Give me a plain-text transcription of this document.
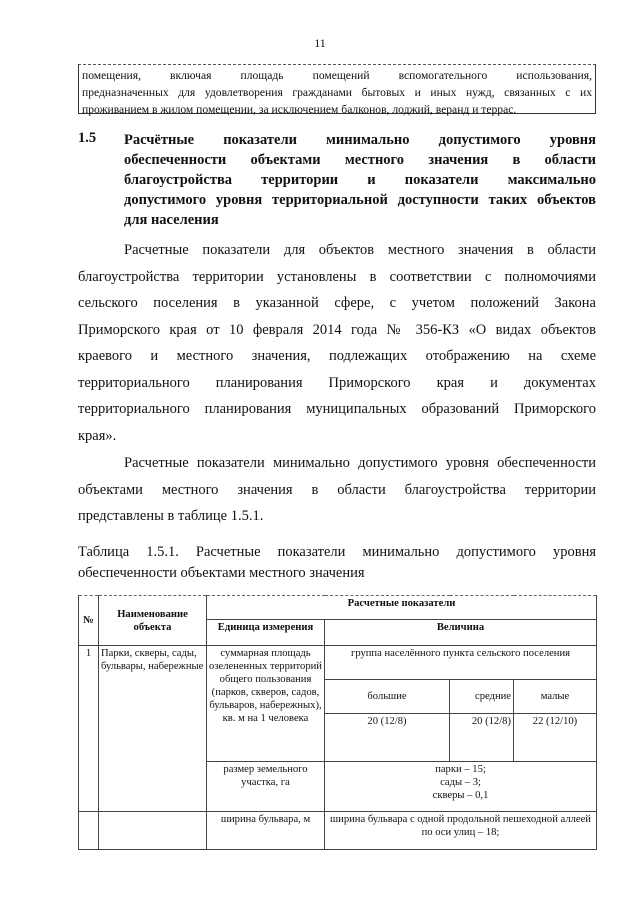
11
помещения, включая площадь помещений вспомогательного использования,
предназначенных для удовлетворения гражданами бытовых и иных нужд, связанных с их
проживанием в жилом помещении, за исключением балконов, лоджий, веранд и террас.
1.5 Расчётные показатели минимально допустимого уровня
обеспеченности объектами местного значения в области
благоустройства территории и показатели максимально
допустимого уровня территориальной доступности таких объектов
для населения
Расчетные показатели для объектов местного значения в области
благоустройства территории установлены в соответствии с полномочиями
сельского поселения в указанной сфере, с учетом положений Закона
Приморского края от 10 февраля 2014 года № 356-КЗ «О видах объектов
краевого и местного значения, подлежащих отображению на схеме
территориального планирования Приморского края и документах
территориального планирования муниципальных образований Приморского
края».
Расчетные показатели минимально допустимого уровня обеспеченности
объектами местного значения в области благоустройства территории
представлены в таблице 1.5.1.
Таблица 1.5.1. Расчетные показатели минимально допустимого уровня
обеспеченности объектами местного значения
№	Наименование объекта	Расчетные показатели			
		Единица измерения	Величина		
1	Парки, скверы, сады, бульвары, набережные	суммарная площадь озелененных территорий общего пользования (парков, скверов, садов, бульваров, набережных), кв. м на 1 человека	группа населённого пункта сельского поселения		
			большие	средние	малые
			20 (12/8)	20 (12/8)	22 (12/10)
		размер земельного участка, га	парки – 15;
сады – 3;
скверы – 0,1		

		ширина бульвара, м	ширина бульвара с одной продольной пешеходной аллеей по оси улиц – 18;		
